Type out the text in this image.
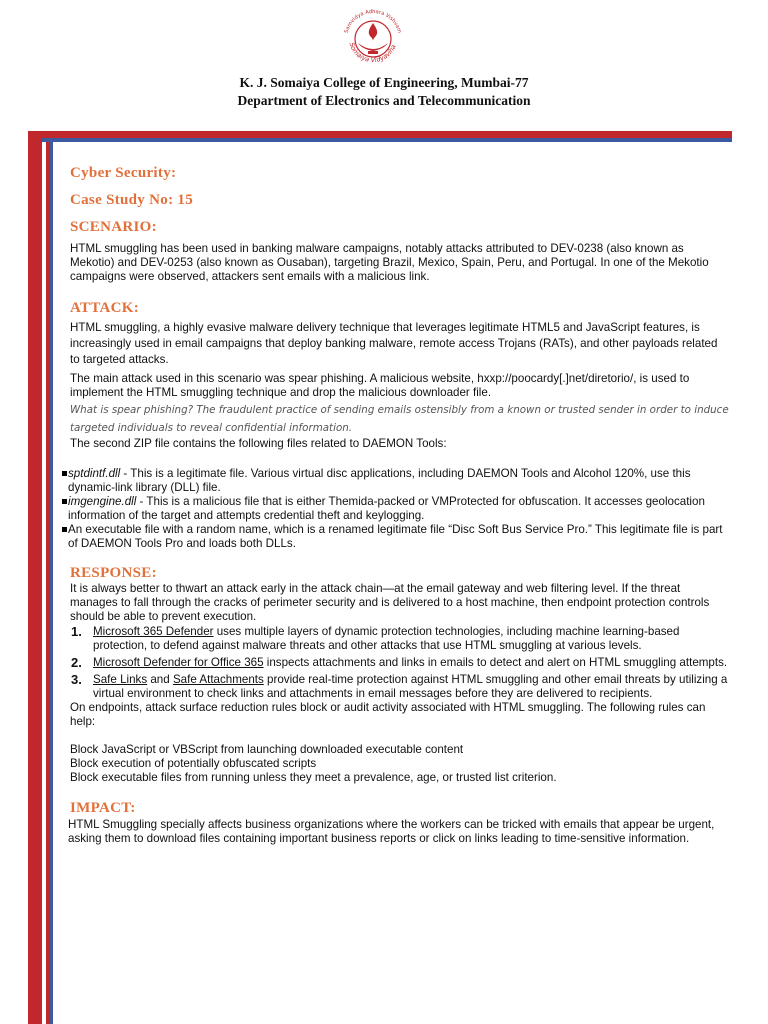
Samvidya Adhara Vishvam
Somaiya Vidyaviha
K. J. Somaiya College of Engineering, Mumbai-77
Department of Electronics and Telecommunication
Cyber Security:
Case Study No: 15
SCENARIO:

HTML smuggling has been used in banking malware campaigns, notably attacks attributed to DEV-0238 (also known as Mekotio) and DEV-0253 (also known as Ousaban), targeting Brazil, Mexico, Spain, Peru, and Portugal. In one of the Mekotio campaigns were observed, attackers sent emails with a malicious link.

ATTACK:

HTML smuggling, a highly evasive malware delivery technique that leverages legitimate HTML5 and JavaScript features, is increasingly used in email campaigns that deploy banking malware, remote access Trojans (RATs), and other payloads related to targeted attacks.

The main attack used in this scenario was spear phishing. A malicious website, hxxp://poocardy[.]net/diretorio/, is used to implement the HTML smuggling technique and drop the malicious downloader file.

What is spear phishing? The fraudulent practice of sending emails ostensibly from a known or trusted sender in order to induce targeted individuals to reveal confidential information.

The second ZIP file contains the following files related to DAEMON Tools:

sptdintf.dll - This is a legitimate file. Various virtual disc applications, including DAEMON Tools and Alcohol 120%, use this dynamic-link library (DLL) file.
imgengine.dll - This is a malicious file that is either Themida-packed or VMProtected for obfuscation. It accesses geolocation information of the target and attempts credential theft and keylogging.
An executable file with a random name, which is a renamed legitimate file “Disc Soft Bus Service Pro.” This legitimate file is part of DAEMON Tools Pro and loads both DLLs.
RESPONSE:

It is always better to thwart an attack early in the attack chain—at the email gateway and web filtering level. If the threat manages to fall through the cracks of perimeter security and is delivered to a host machine, then endpoint protection controls should be able to prevent execution.

1. Microsoft 365 Defender uses multiple layers of dynamic protection technologies, including machine learning-based protection, to defend against malware threats and other attacks that use HTML smuggling at various levels.
2. Microsoft Defender for Office 365 inspects attachments and links in emails to detect and alert on HTML smuggling attempts.
3. Safe Links and Safe Attachments provide real-time protection against HTML smuggling and other email threats by utilizing a virtual environment to check links and attachments in email messages before they are delivered to recipients.

On endpoints, attack surface reduction rules block or audit activity associated with HTML smuggling. The following rules can help:

Block JavaScript or VBScript from launching downloaded executable content

Block execution of potentially obfuscated scripts

Block executable files from running unless they meet a prevalence, age, or trusted list criterion.

IMPACT:

HTML Smuggling specially affects business organizations where the workers can be tricked with emails that appear be urgent, asking them to download files containing important business reports or click on links leading to time-sensitive information.
